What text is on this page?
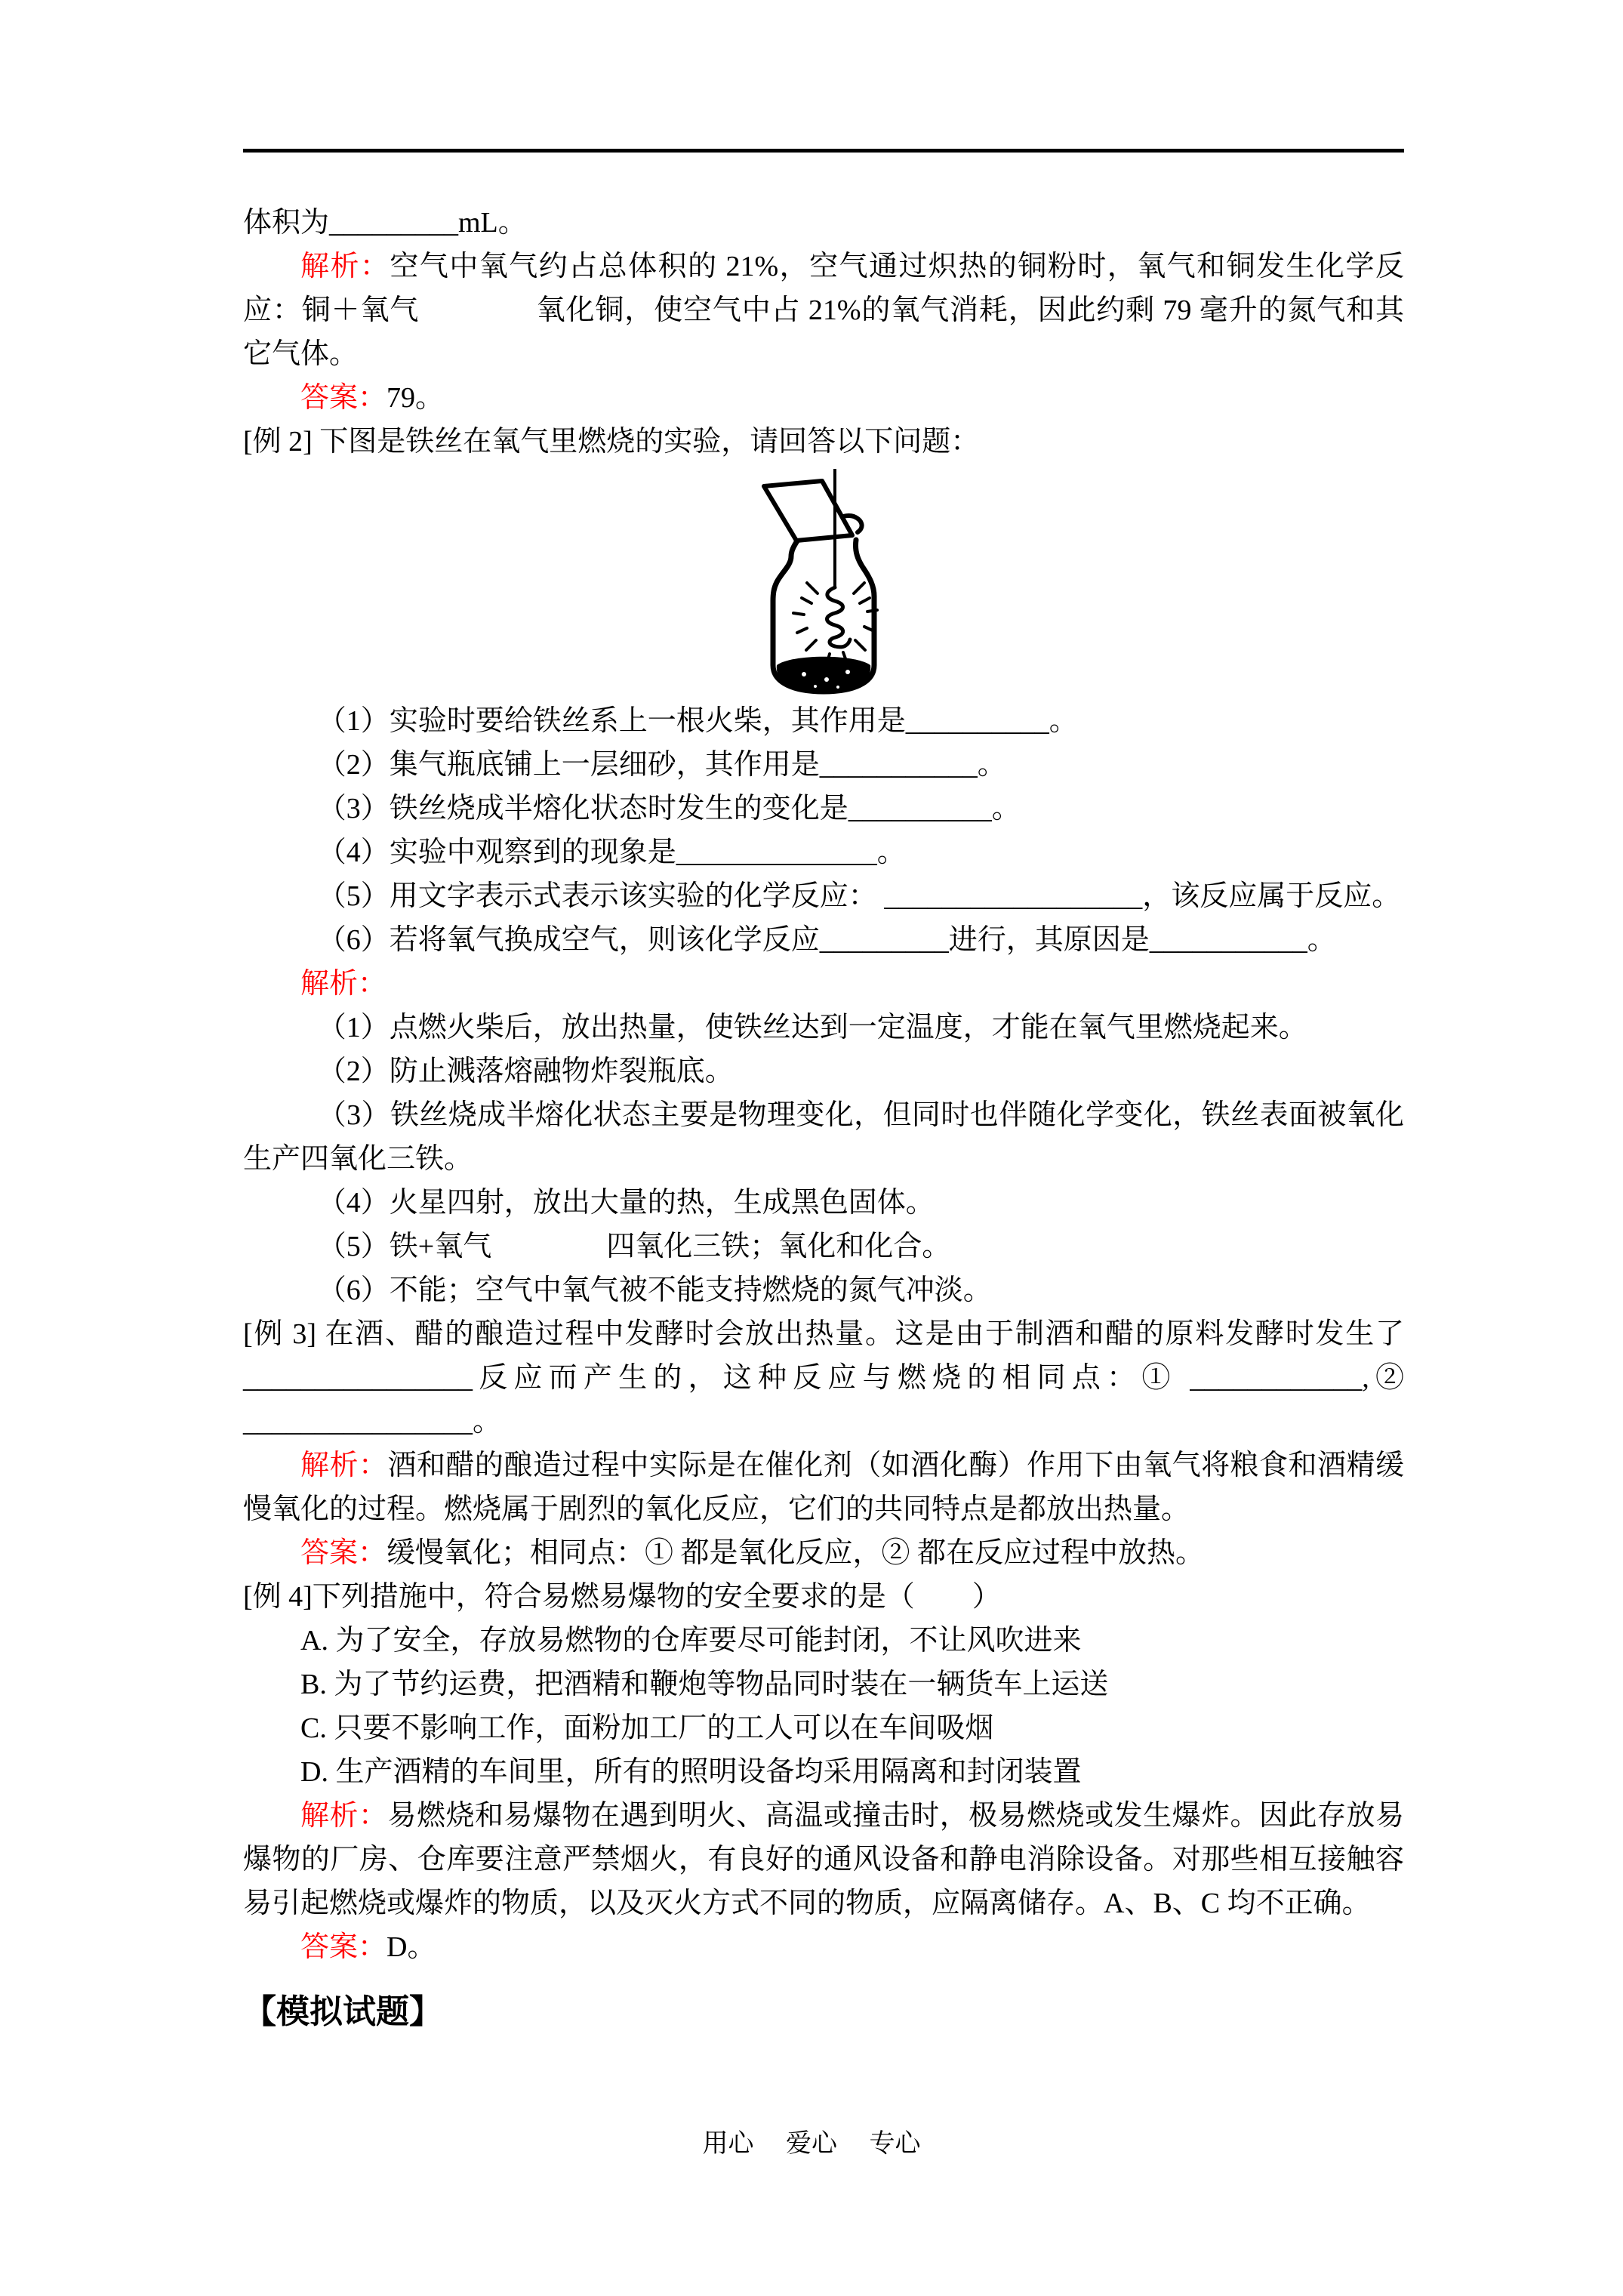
体积为_________mL。

解析：空气中氧气约占总体积的 21%，空气通过炽热的铜粉时，氧气和铜发生化学反应：铜＋氧气　　　　氧化铜，使空气中占 21%的氧气消耗，因此约剩 79 毫升的氮气和其它气体。

答案：79。

[例 2] 下图是铁丝在氧气里燃烧的实验，请回答以下问题：

（1）实验时要给铁丝系上一根火柴，其作用是__________。

（2）集气瓶底铺上一层细砂，其作用是___________。

（3）铁丝烧成半熔化状态时发生的变化是__________。

（4）实验中观察到的现象是______________。

（5）用文字表示式表示该实验的化学反应： __________________，该反应属于反应。

（6）若将氧气换成空气，则该化学反应_________进行，其原因是___________。

解析：

（1）点燃火柴后，放出热量，使铁丝达到一定温度，才能在氧气里燃烧起来。

（2）防止溅落熔融物炸裂瓶底。

（3）铁丝烧成半熔化状态主要是物理变化，但同时也伴随化学变化，铁丝表面被氧化生产四氧化三铁。

（4）火星四射，放出大量的热，生成黑色固体。

（5）铁+氧气　　　　四氧化三铁；氧化和化合。

（6）不能；空气中氧气被不能支持燃烧的氮气冲淡。

[例 3] 在酒、醋的酿造过程中发酵时会放出热量。这是由于制酒和醋的原料发酵时发生了________________反应而产生的，这种反应与燃烧的相同点：① ____________,② ________________。

解析：酒和醋的酿造过程中实际是在催化剂（如酒化酶）作用下由氧气将粮食和酒精缓慢氧化的过程。燃烧属于剧烈的氧化反应，它们的共同特点是都放出热量。

答案：缓慢氧化；相同点：① 都是氧化反应，② 都在反应过程中放热。

[例 4]下列措施中，符合易燃易爆物的安全要求的是（　　）

A. 为了安全，存放易燃物的仓库要尽可能封闭，不让风吹进来

B. 为了节约运费，把酒精和鞭炮等物品同时装在一辆货车上运送

C. 只要不影响工作，面粉加工厂的工人可以在车间吸烟

D. 生产酒精的车间里，所有的照明设备均采用隔离和封闭装置

解析：易燃烧和易爆物在遇到明火、高温或撞击时，极易燃烧或发生爆炸。因此存放易爆物的厂房、仓库要注意严禁烟火，有良好的通风设备和静电消除设备。对那些相互接触容易引起燃烧或爆炸的物质，以及灭火方式不同的物质，应隔离储存。A、B、C 均不正确。

答案：D。

【模拟试题】

用心　 爱心　 专心
